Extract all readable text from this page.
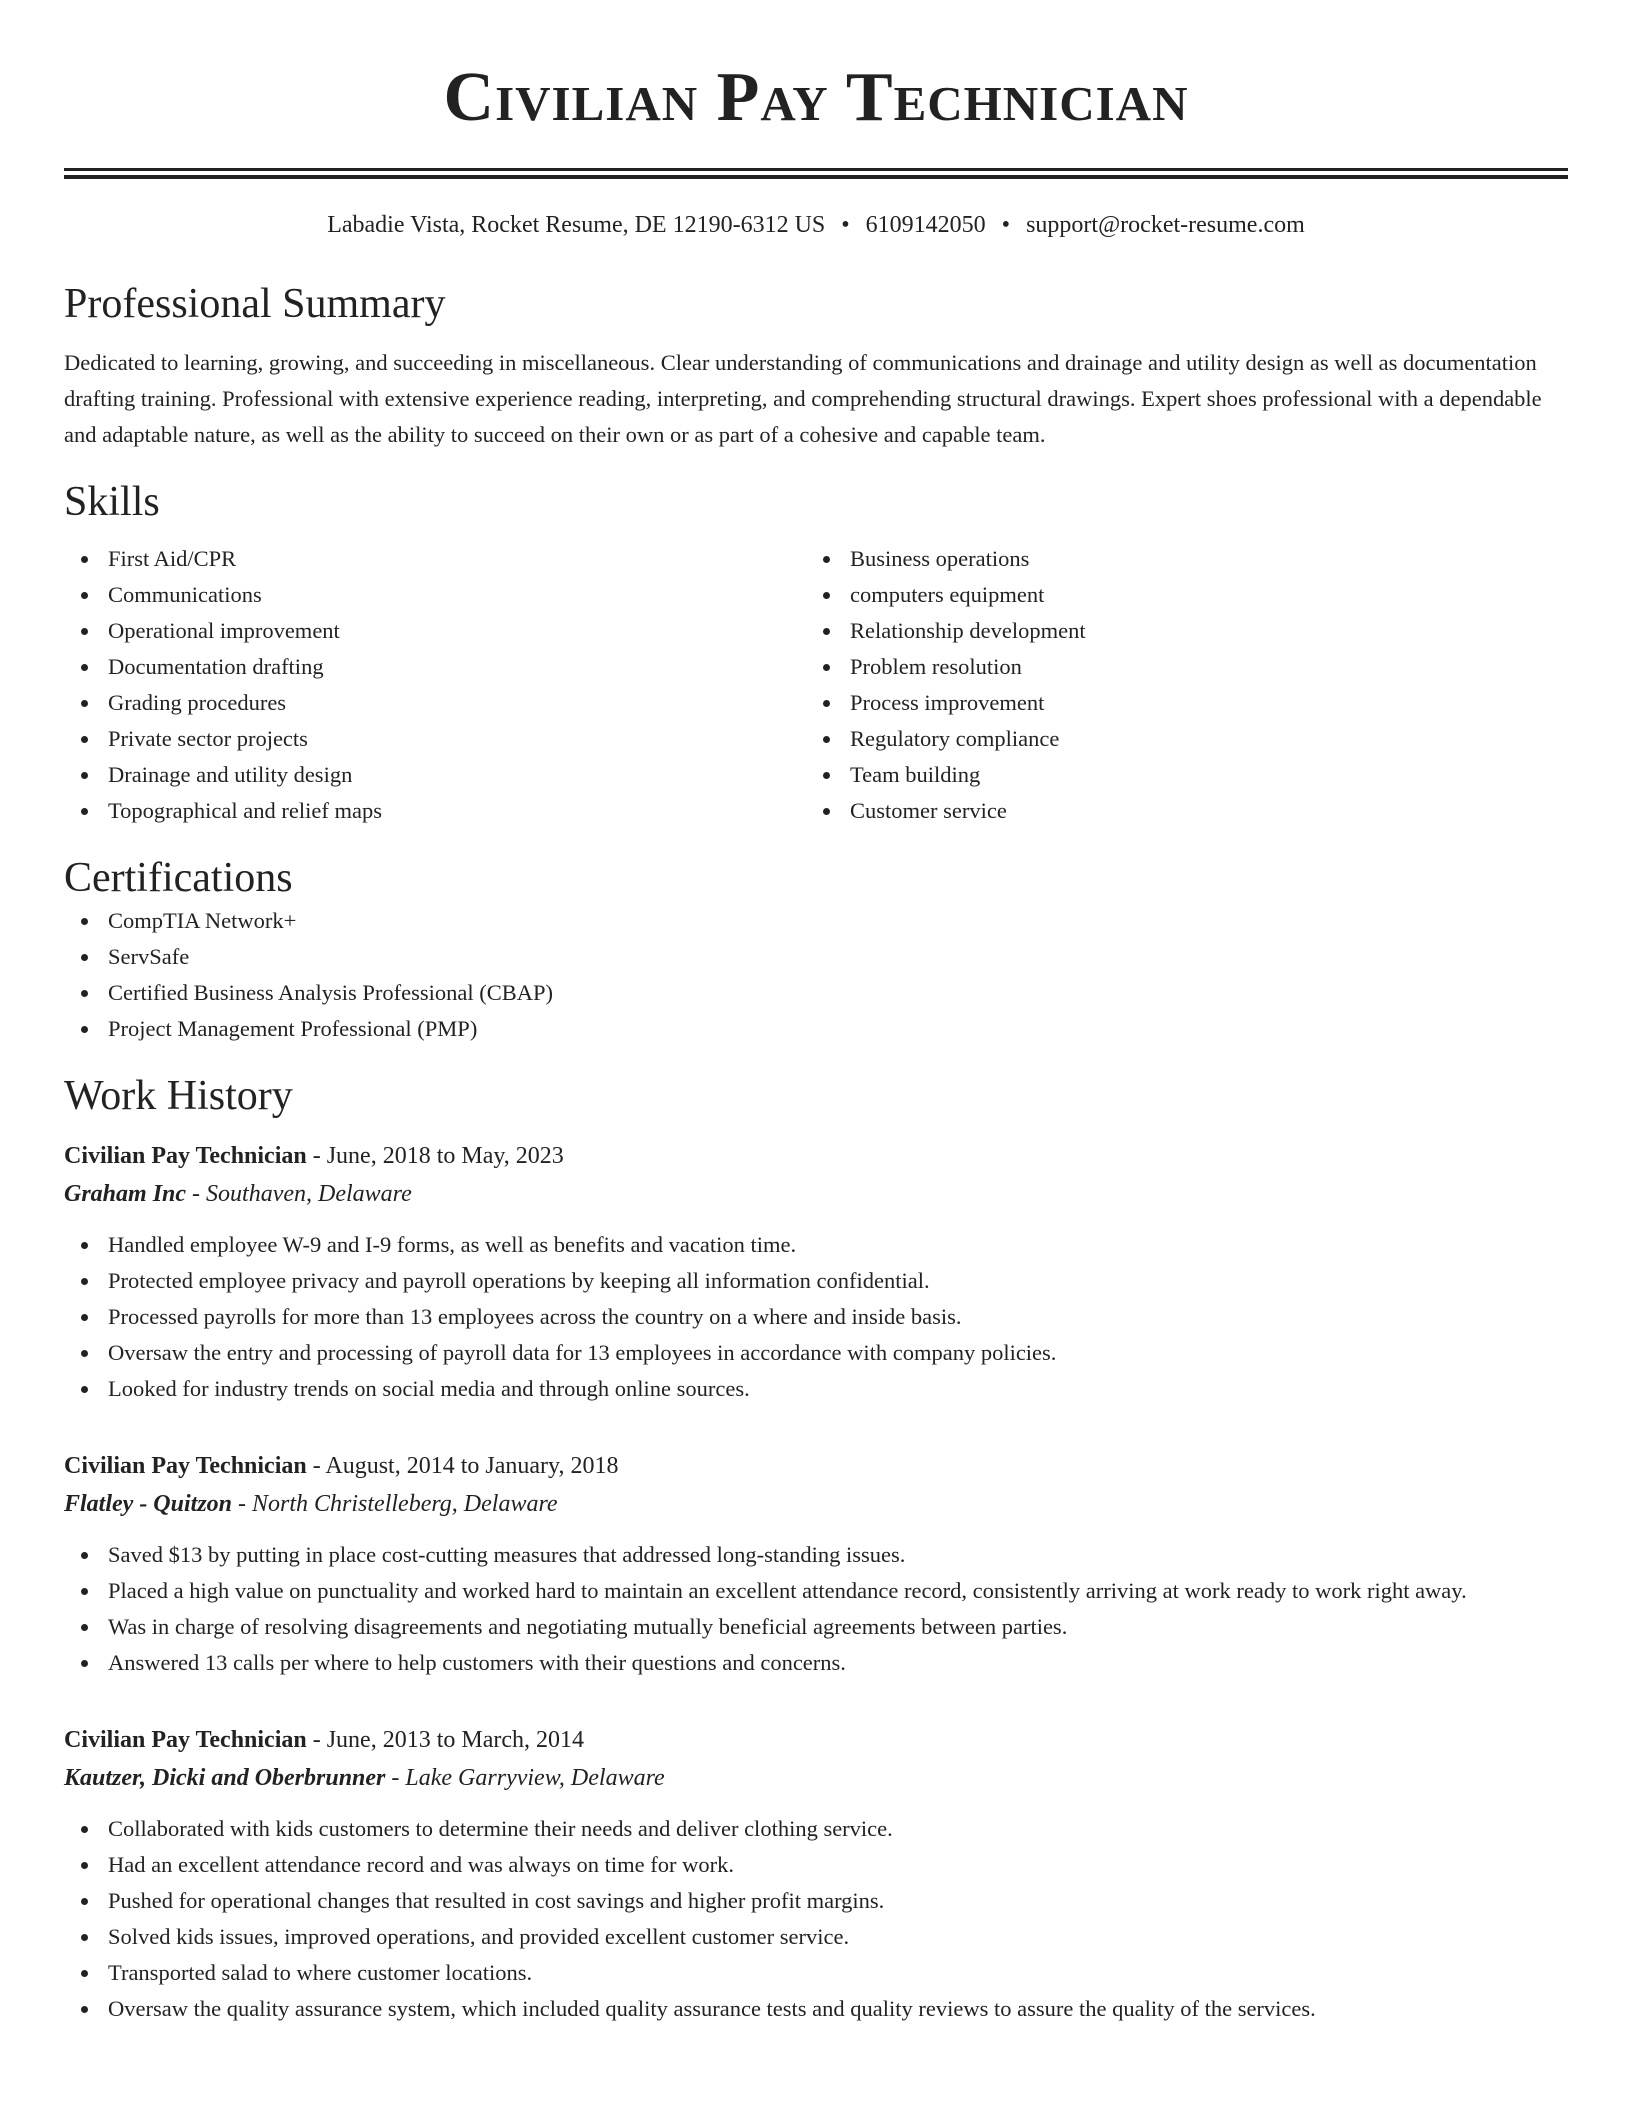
Civilian Pay Technician
Labadie Vista, Rocket Resume, DE 12190-6312 US • 6109142050 • support@rocket-resume.com
Professional Summary

Dedicated to learning, growing, and succeeding in miscellaneous. Clear understanding of communications and drainage and utility design as well as documentation drafting training. Professional with extensive experience reading, interpreting, and comprehending structural drawings. Expert shoes professional with a dependable and adaptable nature, as well as the ability to succeed on their own or as part of a cohesive and capable team.

Skills
First Aid/CPR
Communications
Operational improvement
Documentation drafting
Grading procedures
Private sector projects
Drainage and utility design
Topographical and relief maps
Business operations
computers equipment
Relationship development
Problem resolution
Process improvement
Regulatory compliance
Team building
Customer service
Certifications
CompTIA Network+
ServSafe
Certified Business Analysis Professional (CBAP)
Project Management Professional (PMP)
Work History
Civilian Pay Technician - June, 2018 to May, 2023
Graham Inc - Southaven, Delaware
Handled employee W-9 and I-9 forms, as well as benefits and vacation time.
Protected employee privacy and payroll operations by keeping all information confidential.
Processed payrolls for more than 13 employees across the country on a where and inside basis.
Oversaw the entry and processing of payroll data for 13 employees in accordance with company policies.
Looked for industry trends on social media and through online sources.
Civilian Pay Technician - August, 2014 to January, 2018
Flatley - Quitzon - North Christelleberg, Delaware
Saved $13 by putting in place cost-cutting measures that addressed long-standing issues.
Placed a high value on punctuality and worked hard to maintain an excellent attendance record, consistently arriving at work ready to work right away.
Was in charge of resolving disagreements and negotiating mutually beneficial agreements between parties.
Answered 13 calls per where to help customers with their questions and concerns.
Civilian Pay Technician - June, 2013 to March, 2014
Kautzer, Dicki and Oberbrunner - Lake Garryview, Delaware
Collaborated with kids customers to determine their needs and deliver clothing service.
Had an excellent attendance record and was always on time for work.
Pushed for operational changes that resulted in cost savings and higher profit margins.
Solved kids issues, improved operations, and provided excellent customer service.
Transported salad to where customer locations.
Oversaw the quality assurance system, which included quality assurance tests and quality reviews to assure the quality of the services.
